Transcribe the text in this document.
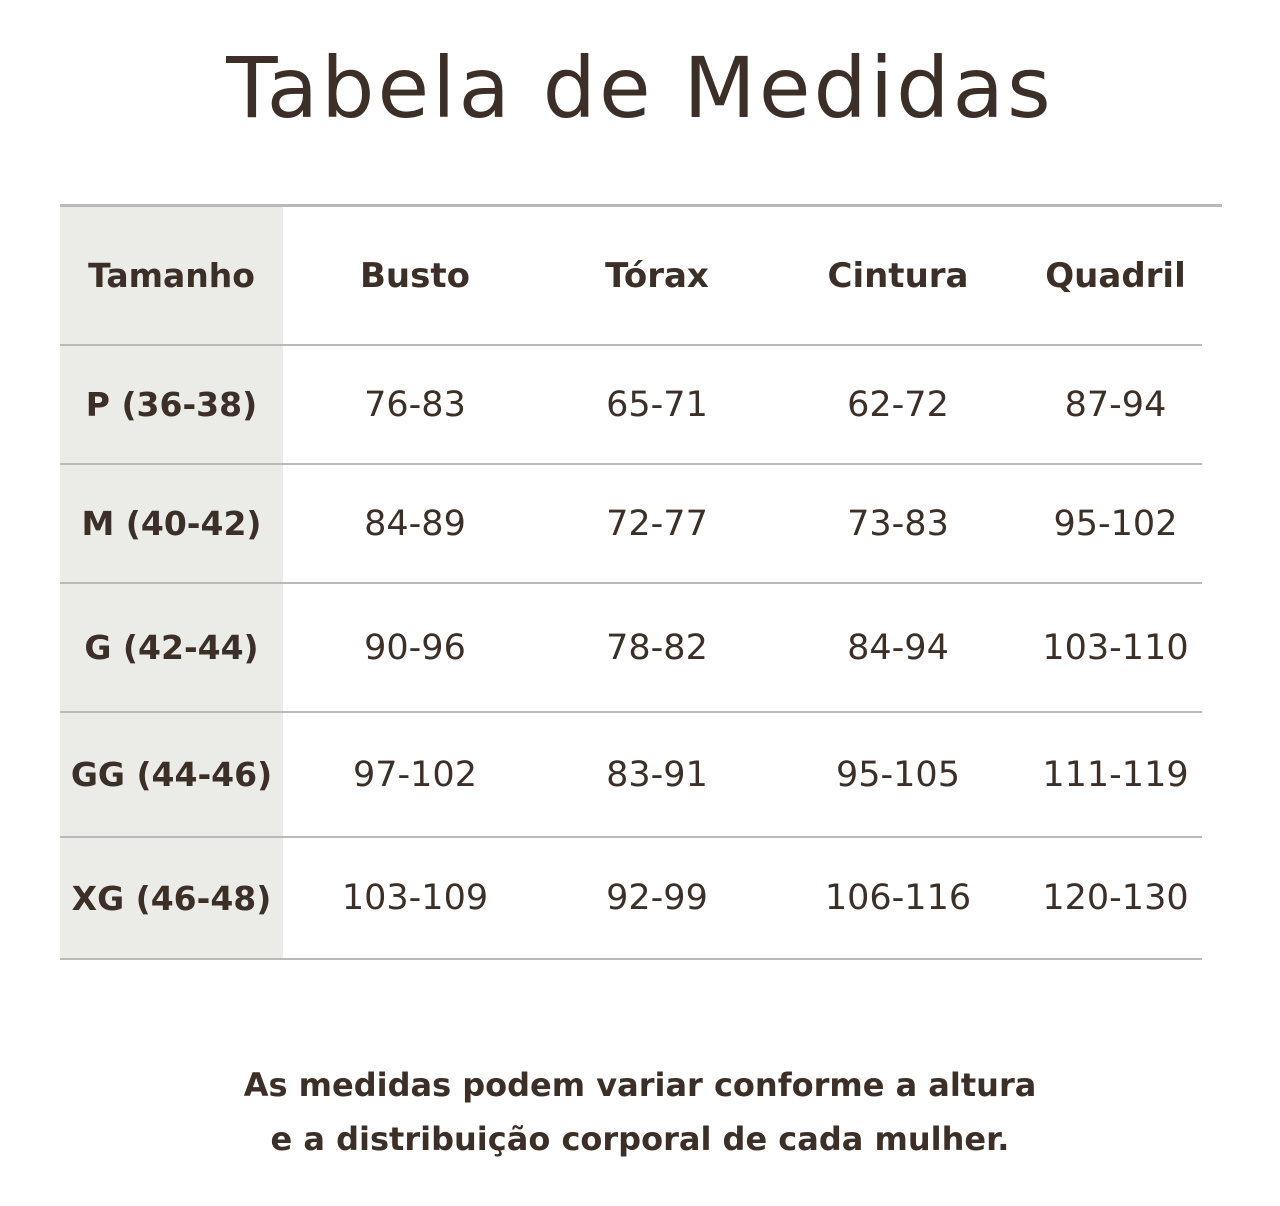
Tabela de Medidas
Tamanho	Busto	Tórax	Cintura	Quadril	
P (36-38)	76-83	65-71	62-72	87-94	
M (40-42)	84-89	72-77	73-83	95-102	
G (42-44)	90-96	78-82	84-94	103-110	
GG (44-46)	97-102	83-91	95-105	111-119	
XG (46-48)	103-109	92-99	106-116	120-130	
As medidas podem variar conforme a altura
e a distribuição corporal de cada mulher.
